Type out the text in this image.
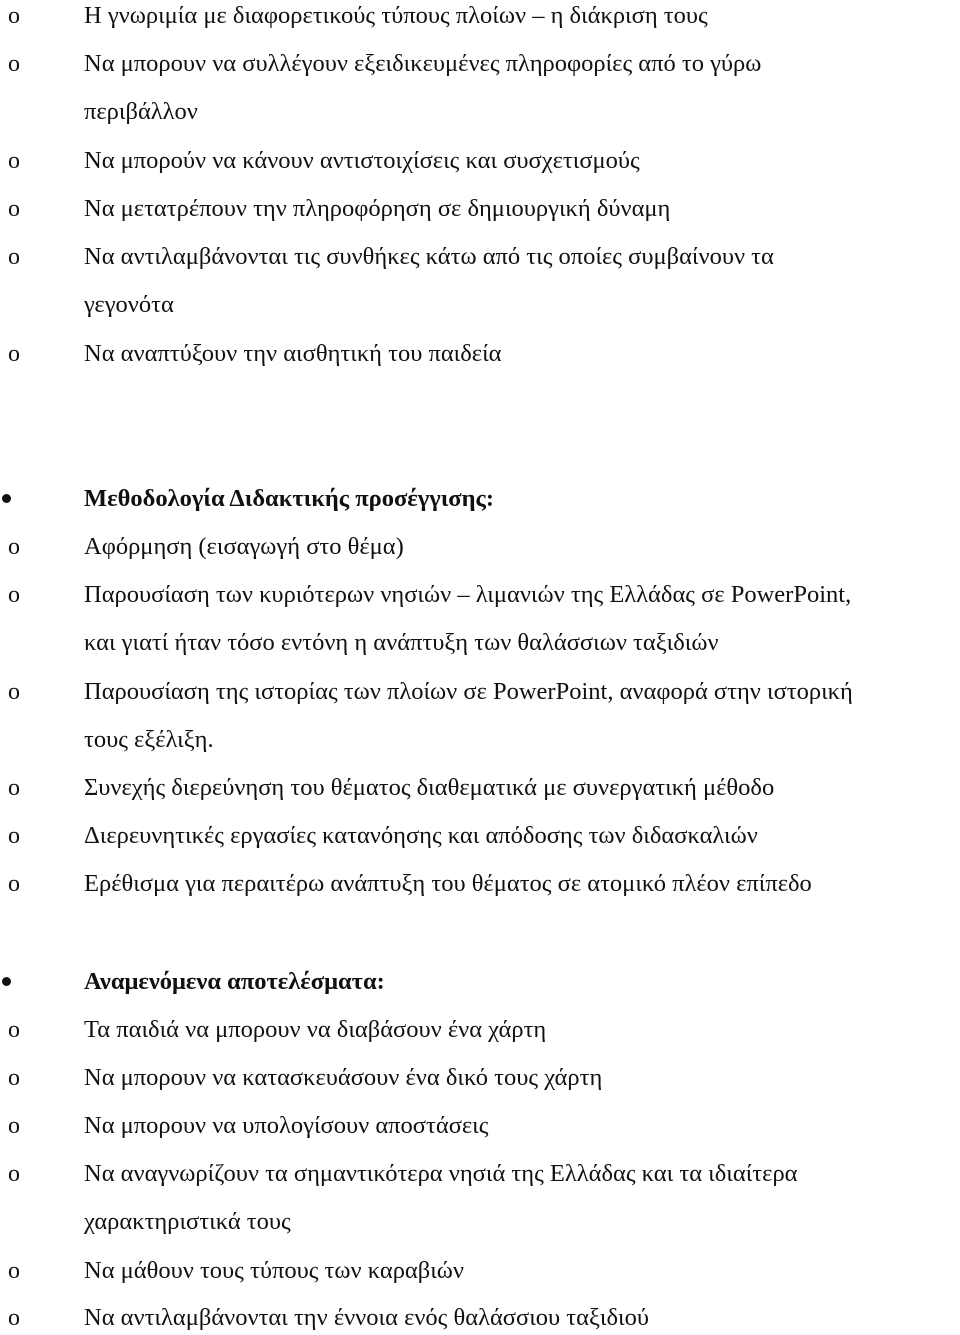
o	Η γνωριμία με διαφορετικούς τύπους πλοίων – η διάκριση τους
o	Να μπορουν να συλλέγουν εξειδικευμένες πληροφορίες από το γύρω
περιβάλλον
o	Να μπορούν να κάνουν αντιστοιχίσεις και συσχετισμούς
o	Να μετατρέπουν την πληροφόρηση σε δημιουργική δύναμη
o	Να αντιλαμβάνονται τις συνθήκες κάτω από τις οποίες συμβαίνουν τα
γεγονότα
o	Να αναπτύξουν την αισθητική του παιδεία
Μεθοδολογία Διδακτικής προσέγγισης:
o	Αφόρμηση (εισαγωγή στο θέμα)
o	Παρουσίαση των κυριότερων νησιών – λιμανιών της Ελλάδας σε PowerPoint,
και γιατί ήταν τόσο εντόνη η ανάπτυξη των θαλάσσιων ταξιδιών
o	Παρουσίαση της ιστορίας των πλοίων σε PowerPoint, αναφορά στην ιστορική
τους εξέλιξη.
o	Συνεχής διερεύνηση του θέματος διαθεματικά με συνεργατική μέθοδο
o	Διερευνητικές εργασίες κατανόησης και απόδοσης των διδασκαλιών
o	Ερέθισμα για περαιτέρω ανάπτυξη του θέματος σε ατομικό πλέον επίπεδο
Αναμενόμενα αποτελέσματα:
o	Τα παιδιά να μπορουν να διαβάσουν ένα χάρτη
o	Να μπορουν να κατασκευάσουν ένα δικό τους χάρτη
o	Να μπορουν να υπολογίσουν αποστάσεις
o	Να αναγνωρίζουν τα σημαντικότερα νησιά της Ελλάδας και τα ιδιαίτερα
χαρακτηριστικά τους
o	Να μάθουν τους τύπους των καραβιών
o	Να αντιλαμβάνονται την έννοια ενός θαλάσσιου ταξιδιού
